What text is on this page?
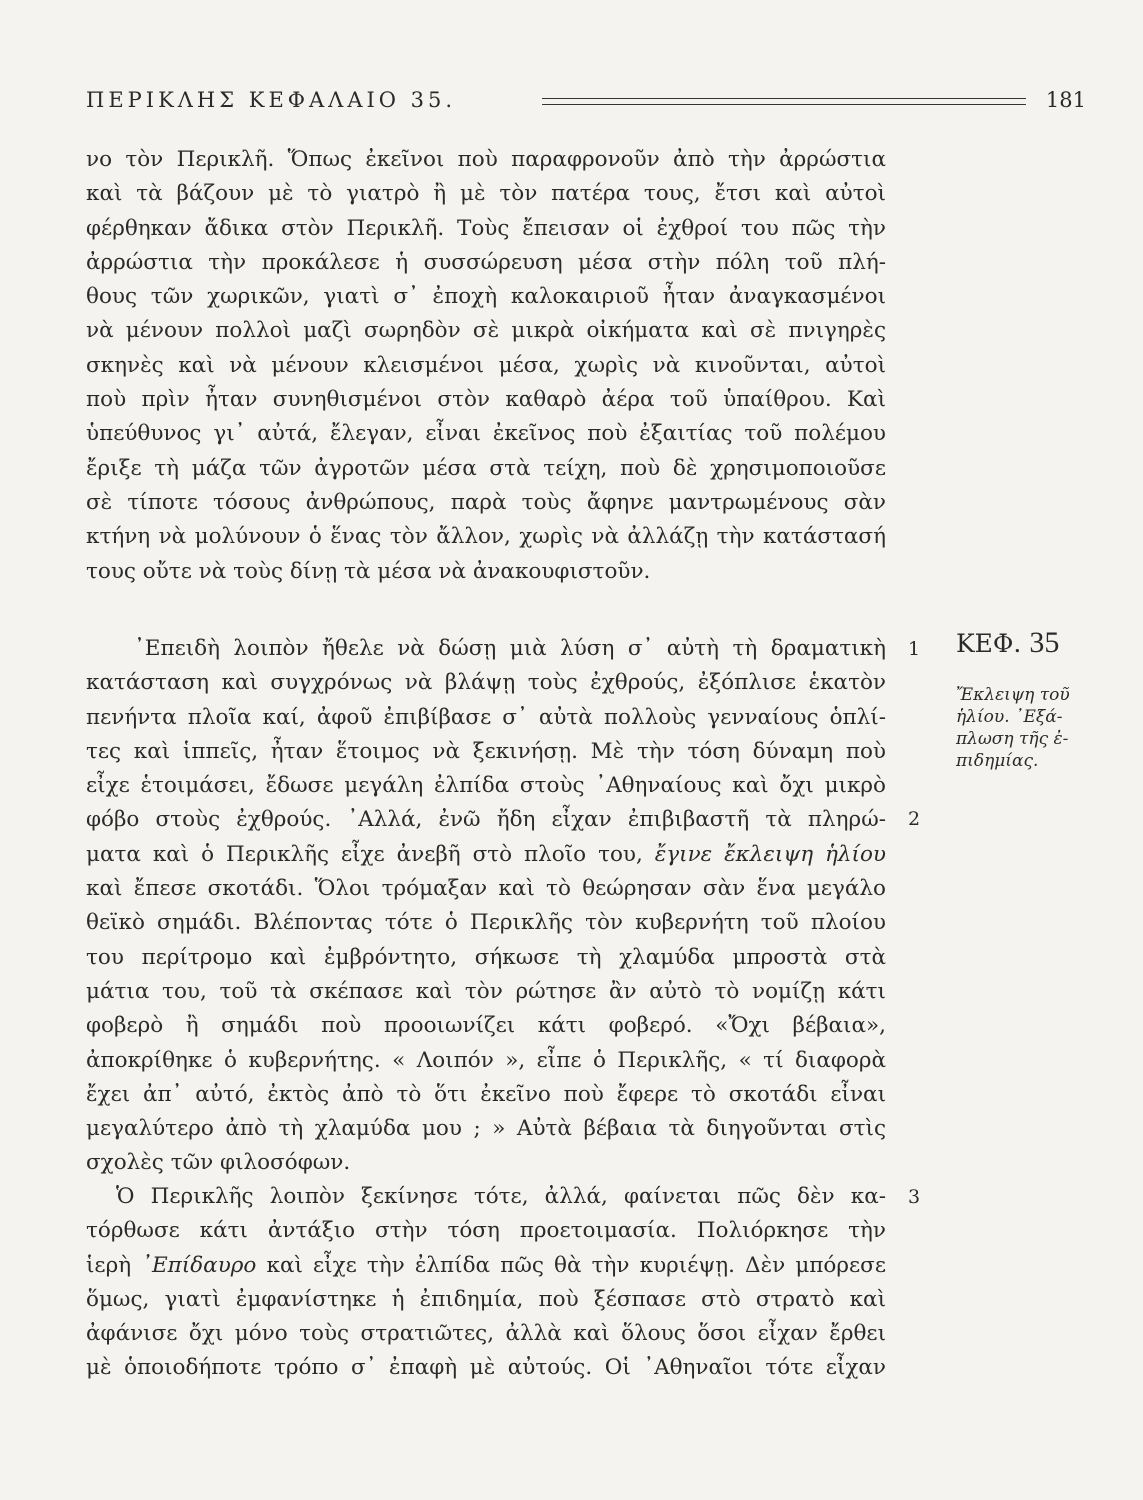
ΠΕΡΙΚΛΗΣ ΚΕΦΑΛΑΙΟ 35.	181
νο τὸν Περικλῆ. Ὅπως ἐκεῖνοι ποὺ παραφρονοῦν ἀπὸ τὴν ἀρρώστια
καὶ τὰ βάζουν μὲ τὸ γιατρὸ ἢ μὲ τὸν πατέρα τους, ἔτσι καὶ αὐτοὶ
φέρθηκαν ἄδικα στὸν Περικλῆ. Τοὺς ἔπεισαν οἱ ἐχθροί του πῶς τὴν
ἀρρώστια τὴν προκάλεσε ἡ συσσώρευση μέσα στὴν πόλη τοῦ πλή-
θους τῶν χωρικῶν, γιατὶ σ᾿ ἐποχὴ καλοκαιριοῦ ἦταν ἀναγκασμένοι
νὰ μένουν πολλοὶ μαζὶ σωρηδὸν σὲ μικρὰ οἰκήματα καὶ σὲ πνιγηρὲς
σκηνὲς καὶ νὰ μένουν κλεισμένοι μέσα, χωρὶς νὰ κινοῦνται, αὐτοὶ
ποὺ πρὶν ἦταν συνηθισμένοι στὸν καθαρὸ ἀέρα τοῦ ὑπαίθρου. Καὶ
ὑπεύθυνος γι᾿ αὐτά, ἔλεγαν, εἶναι ἐκεῖνος ποὺ ἐξαιτίας τοῦ πολέμου
ἔριξε τὴ μάζα τῶν ἀγροτῶν μέσα στὰ τείχη, ποὺ δὲ χρησιμοποιοῦσε
σὲ τίποτε τόσους ἀνθρώπους, παρὰ τοὺς ἄφηνε μαντρωμένους σὰν
κτήνη νὰ μολύνουν ὁ ἕνας τὸν ἄλλον, χωρὶς νὰ ἀλλάζῃ τὴν κατάστασή
τους οὔτε νὰ τοὺς δίνῃ τὰ μέσα νὰ ἀνακουφιστοῦν.
᾿Επειδὴ λοιπὸν ἤθελε νὰ δώσῃ μιὰ λύση σ᾿ αὐτὴ τὴ δραματικὴ
κατάσταση καὶ συγχρόνως νὰ βλάψῃ τοὺς ἐχθρούς, ἐξόπλισε ἑκατὸν
πενήντα πλοῖα καί, ἀφοῦ ἐπιβίβασε σ᾿ αὐτὰ πολλοὺς γενναίους ὁπλί-
τες καὶ ἱππεῖς, ἦταν ἕτοιμος νὰ ξεκινήσῃ. Μὲ τὴν τόση δύναμη ποὺ
εἶχε ἑτοιμάσει, ἔδωσε μεγάλη ἐλπίδα στοὺς ᾿Αθηναίους καὶ ὄχι μικρὸ
φόβο στοὺς ἐχθρούς. ᾿Αλλά, ἐνῶ ἤδη εἶχαν ἐπιβιβαστῆ τὰ πληρώ-
ματα καὶ ὁ Περικλῆς εἶχε ἀνεβῆ στὸ πλοῖο του, ἔγινε ἔκλειψη ἡλίου
καὶ ἔπεσε σκοτάδι. Ὅλοι τρόμαξαν καὶ τὸ θεώρησαν σὰν ἕνα μεγάλο
θεϊκὸ σημάδι. Βλέποντας τότε ὁ Περικλῆς τὸν κυβερνήτη τοῦ πλοίου
του περίτρομο καὶ ἐμβρόντητο, σήκωσε τὴ χλαμύδα μπροστὰ στὰ
μάτια του, τοῦ τὰ σκέπασε καὶ τὸν ρώτησε ἂν αὐτὸ τὸ νομίζῃ κάτι
φοβερὸ ἢ σημάδι ποὺ προοιωνίζει κάτι φοβερό. «Ὄχι βέβαια»,
ἀποκρίθηκε ὁ κυβερνήτης. « Λοιπόν », εἶπε ὁ Περικλῆς, « τί διαφορὰ
ἔχει ἀπ᾿ αὐτό, ἐκτὸς ἀπὸ τὸ ὅτι ἐκεῖνο ποὺ ἔφερε τὸ σκοτάδι εἶναι
μεγαλύτερο ἀπὸ τὴ χλαμύδα μου ; » Αὐτὰ βέβαια τὰ διηγοῦνται στὶς
σχολὲς τῶν φιλοσόφων.
Ὁ Περικλῆς λοιπὸν ξεκίνησε τότε, ἀλλά, φαίνεται πῶς δὲν κα-
τόρθωσε κάτι ἀντάξιο στὴν τόση προετοιμασία. Πολιόρκησε τὴν
ἱερὴ ᾿Επίδαυρο καὶ εἶχε τὴν ἐλπίδα πῶς θὰ τὴν κυριέψῃ. Δὲν μπόρεσε
ὅμως, γιατὶ ἐμφανίστηκε ἡ ἐπιδημία, ποὺ ξέσπασε στὸ στρατὸ καὶ
ἀφάνισε ὄχι μόνο τοὺς στρατιῶτες, ἀλλὰ καὶ ὅλους ὅσοι εἶχαν ἔρθει
μὲ ὁποιοδήποτε τρόπο σ᾿ ἐπαφὴ μὲ αὐτούς. Οἱ ᾿Αθηναῖοι τότε εἶχαν
1
2
3
ΚΕΦ. 35
Ἔκλειψη τοῦ
ἡλίου. ᾿Εξά-
πλωση τῆς ἐ-
πιδημίας.
